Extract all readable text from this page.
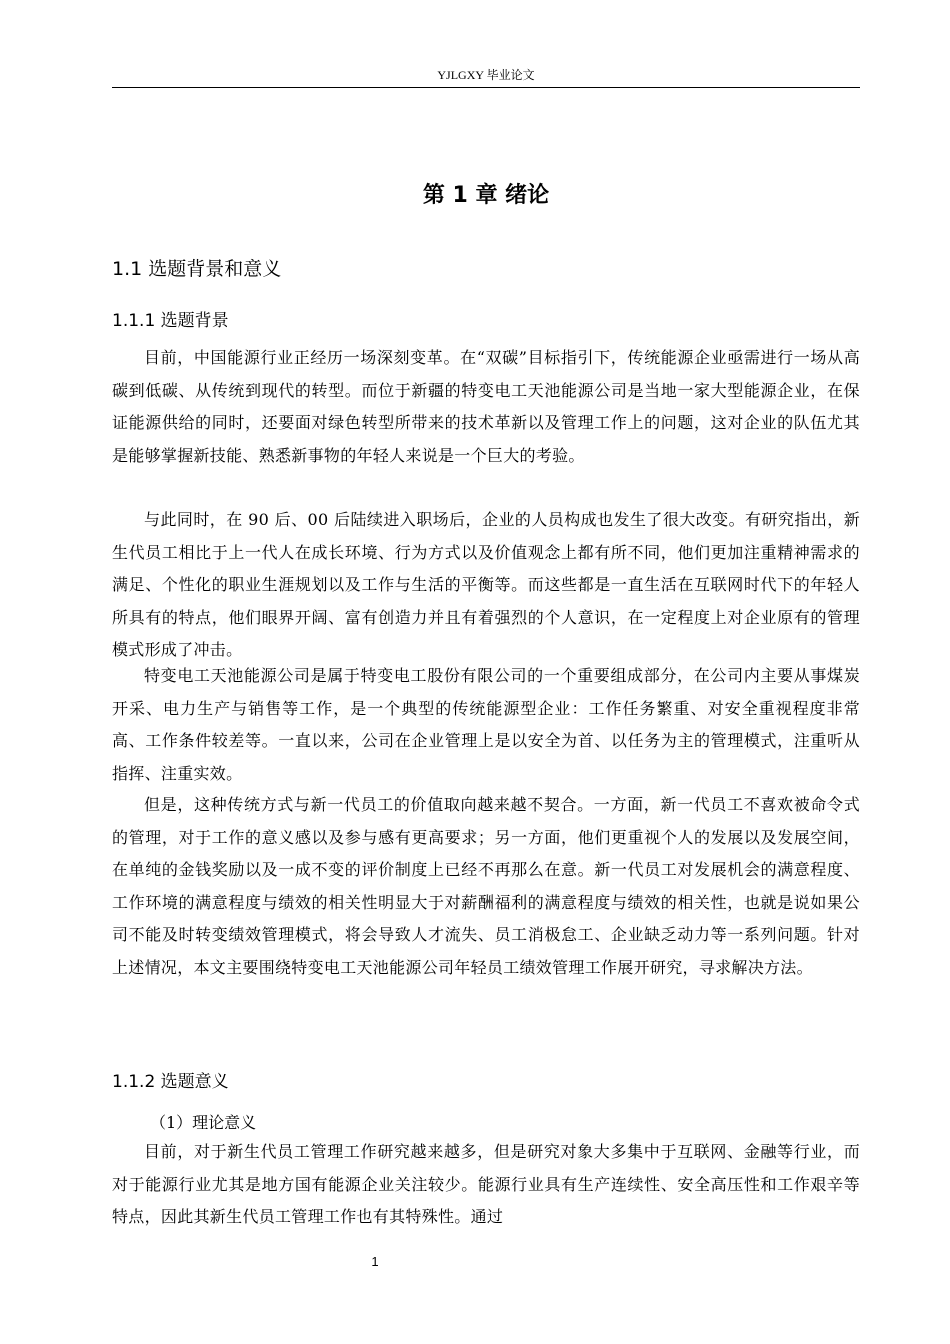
YJLGXY 毕业论文
第 1 章 绪论
1.1 选题背景和意义
1.1.1 选题背景

目前，中国能源行业正经历一场深刻变革。在“双碳”目标指引下，传统能源企业亟需进行一场从高碳到低碳、从传统到现代的转型。而位于新疆的特变电工天池能源公司是当地一家大型能源企业，在保证能源供给的同时，还要面对绿色转型所带来的技术革新以及管理工作上的问题，这对企业的队伍尤其是能够掌握新技能、熟悉新事物的年轻人来说是一个巨大的考验。

与此同时，在 90 后、00 后陆续进入职场后，企业的人员构成也发生了很大改变。有研究指出，新生代员工相比于上一代人在成长环境、行为方式以及价值观念上都有所不同，他们更加注重精神需求的满足、个性化的职业生涯规划以及工作与生活的平衡等。而这些都是一直生活在互联网时代下的年轻人所具有的特点，他们眼界开阔、富有创造力并且有着强烈的个人意识，在一定程度上对企业原有的管理模式形成了冲击。

特变电工天池能源公司是属于特变电工股份有限公司的一个重要组成部分，在公司内主要从事煤炭开采、电力生产与销售等工作，是一个典型的传统能源型企业：工作任务繁重、对安全重视程度非常高、工作条件较差等。一直以来，公司在企业管理上是以安全为首、以任务为主的管理模式，注重听从指挥、注重实效。

但是，这种传统方式与新一代员工的价值取向越来越不契合。一方面，新一代员工不喜欢被命令式的管理，对于工作的意义感以及参与感有更高要求；另一方面，他们更重视个人的发展以及发展空间，在单纯的金钱奖励以及一成不变的评价制度上已经不再那么在意。新一代员工对发展机会的满意程度、工作环境的满意程度与绩效的相关性明显大于对薪酬福利的满意程度与绩效的相关性，也就是说如果公司不能及时转变绩效管理模式，将会导致人才流失、员工消极怠工、企业缺乏动力等一系列问题。针对上述情况，本文主要围绕特变电工天池能源公司年轻员工绩效管理工作展开研究，寻求解决方法。

1.1.2 选题意义
（1）理论意义

目前，对于新生代员工管理工作研究越来越多，但是研究对象大多集中于互联网、金融等行业，而对于能源行业尤其是地方国有能源企业关注较少。能源行业具有生产连续性、安全高压性和工作艰辛等特点，因此其新生代员工管理工作也有其特殊性。通过

1
